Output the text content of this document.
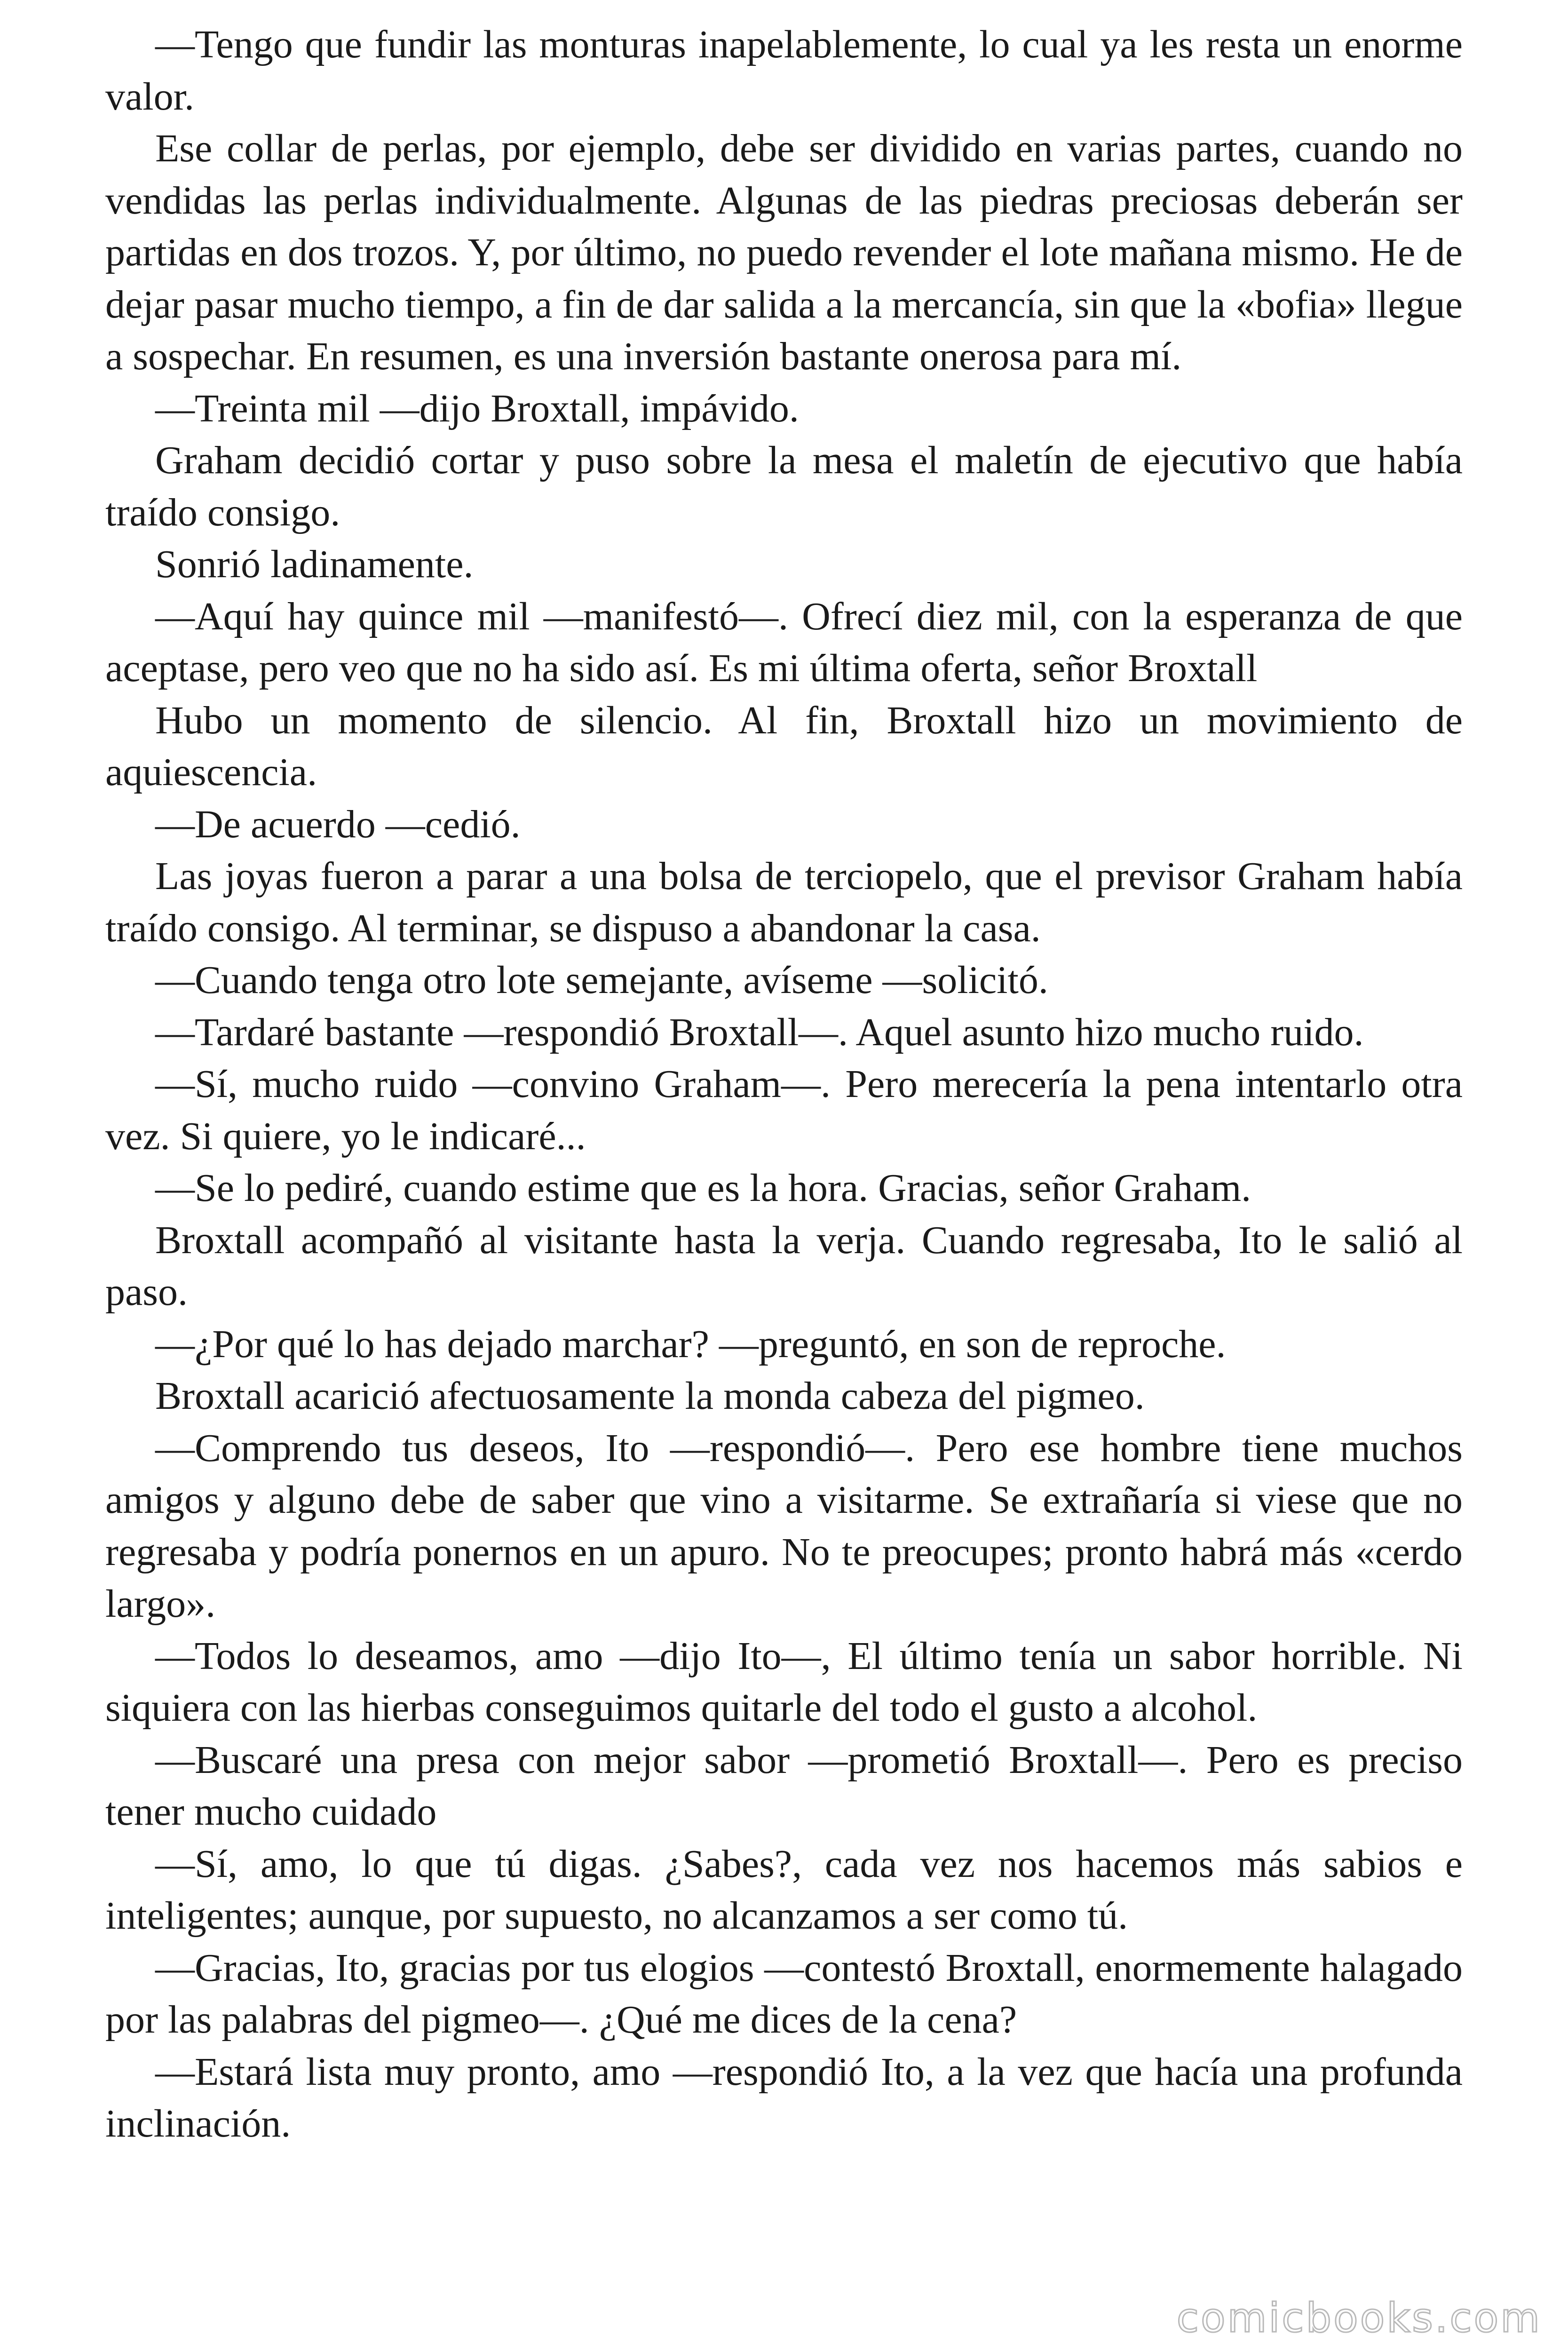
—Tengo que fundir las monturas inapelablemente, lo cual ya les resta un enorme valor.

Ese collar de perlas, por ejemplo, debe ser dividido en varias partes, cuando no vendidas las perlas individualmente. Algunas de las piedras preciosas deberán ser partidas en dos trozos. Y, por último, no puedo revender el lote mañana mismo. He de dejar pasar mucho tiempo, a fin de dar salida a la mercancía, sin que la «bofia» llegue a sospechar. En resumen, es una inversión bastante onerosa para mí.

—Treinta mil —dijo Broxtall, impávido.

Graham decidió cortar y puso sobre la mesa el maletín de ejecutivo que había traído consigo.

Sonrió ladinamente.

—Aquí hay quince mil —manifestó—. Ofrecí diez mil, con la esperanza de que aceptase, pero veo que no ha sido así. Es mi última oferta, señor Broxtall

Hubo un momento de silencio. Al fin, Broxtall hizo un movimiento de aquiescencia.

—De acuerdo —cedió.

Las joyas fueron a parar a una bolsa de terciopelo, que el previsor Graham había traído consigo. Al terminar, se dispuso a abandonar la casa.

—Cuando tenga otro lote semejante, avíseme —solicitó.

—Tardaré bastante —respondió Broxtall—. Aquel asunto hizo mucho ruido.

—Sí, mucho ruido —convino Graham—. Pero merecería la pena intentarlo otra vez. Si quiere, yo le indicaré...

—Se lo pediré, cuando estime que es la hora. Gracias, señor Graham.

Broxtall acompañó al visitante hasta la verja. Cuando regresaba, Ito le salió al paso.

—¿Por qué lo has dejado marchar? —preguntó, en son de reproche.

Broxtall acarició afectuosamente la monda cabeza del pigmeo.

—Comprendo tus deseos, Ito —respondió—. Pero ese hombre tiene muchos amigos y alguno debe de saber que vino a visitarme. Se extrañaría si viese que no regresaba y podría ponernos en un apuro. No te preocupes; pronto habrá más «cerdo largo».

—Todos lo deseamos, amo —dijo Ito—, El último tenía un sabor horrible. Ni siquiera con las hierbas conseguimos quitarle del todo el gusto a alcohol.

—Buscaré una presa con mejor sabor —prometió Broxtall—. Pero es preciso tener mucho cuidado

—Sí, amo, lo que tú digas. ¿Sabes?, cada vez nos hacemos más sabios e inteligentes; aunque, por supuesto, no alcanzamos a ser como tú.

—Gracias, Ito, gracias por tus elogios —contestó Broxtall, enormemente halagado por las palabras del pigmeo—. ¿Qué me dices de la cena?

—Estará lista muy pronto, amo —respondió Ito, a la vez que hacía una profunda inclinación.

comicbooks.com
